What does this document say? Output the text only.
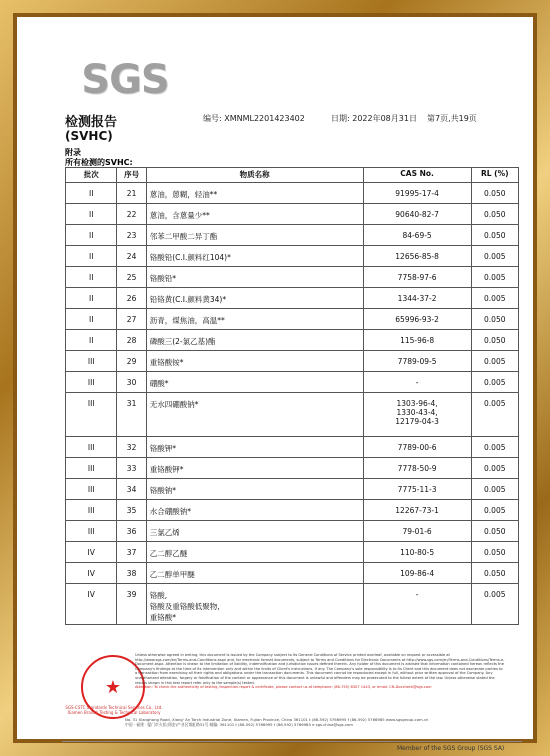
SGS
检测报告
(SVHC)
编号: XMNML2201423402	日期: 2022年08月31日 第7页,共19页
附录
所有检测的SVHC:
批次	序号	物质名称	CAS No.	RL (%)
II	21	蒽油，蒽糊，轻油**	91995-17-4	0.050
II	22	蒽油，含蒽量少**	90640-82-7	0.050
II	23	邻苯二甲酸二异丁酯	84-69-5	0.050
II	24	铬酸铅(C.I.颜料红104)*	12656-85-8	0.005
II	25	铬酸铅*	7758-97-6	0.005
II	26	铅铬黄(C.I.颜料黄34)*	1344-37-2	0.005
II	27	沥青，煤焦油，高温**	65996-93-2	0.050
II	28	磷酸三(2-氯乙基)酯	115-96-8	0.050
III	29	重铬酸铵*	7789-09-5	0.005
III	30	硼酸*	-	0.005
III	31	无水四硼酸钠*	1303-96-4,
1330-43-4,
12179-04-3	0.005
III	32	铬酸钾*	7789-00-6	0.005
III	33	重铬酸钾*	7778-50-9	0.005
III	34	铬酸钠*	7775-11-3	0.005
III	35	水合硼酸钠*	12267-73-1	0.005
III	36	三氯乙烯	79-01-6	0.050
IV	37	乙二醇乙醚	110-80-5	0.050
IV	38	乙二醇单甲醚	109-86-4	0.050
IV	39	铬酸,
铬酸及重铬酸低聚物,
重铬酸*	-	0.005
★
Unless otherwise agreed in writing, this document is issued by the Company subject to its General Conditions of Service printed overleaf, available on request or accessible at http://www.sgs.com/en/Terms-and-Conditions.aspx and, for electronic format documents, subject to Terms and Conditions for Electronic Documents at http://www.sgs.com/en/Terms-and-Conditions/Terms-e-Document.aspx. Attention is drawn to the limitation of liability, indemnification and jurisdiction issues defined therein. Any holder of this document is advised that information contained hereon reflects the Company's findings at the time of its intervention only and within the limits of Client's instructions, if any. The Company's sole responsibility is to its Client and this document does not exonerate parties to a transaction from exercising all their rights and obligations under the transaction documents. This document cannot be reproduced except in full, without prior written approval of the Company. Any unauthorized alteration, forgery or falsification of the content or appearance of this document is unlawful and offenders may be prosecuted to the fullest extent of the law. Unless otherwise stated the results shown in this test report refer only to the sample(s) tested.
Attention: To check the authenticity of testing /inspection report & certificate, please contact us at telephone: (86-755) 8307 1443, or email: CN.Doccheck@sgs.com
SGS-CSTC Standards Technical Services Co., Ltd.
Xiamen Branch Testing & Technical Laboratory
No. 31 Xianghong Road, Xiang' An Torch Industrial Zone, Xiamen, Fujian Province, China 361101 t (86-592) 5766995 f (86-592) 5766985 www.sgsgroup.com.cn
中国 · 福建 · 厦门市火炬(翔安)产业区翔虹路31号 邮编: 361101 t (86-592) 5766995 f (86-592) 5766985 e sgs.china@sgs.com
Member of the SGS Group (SGS SA)
